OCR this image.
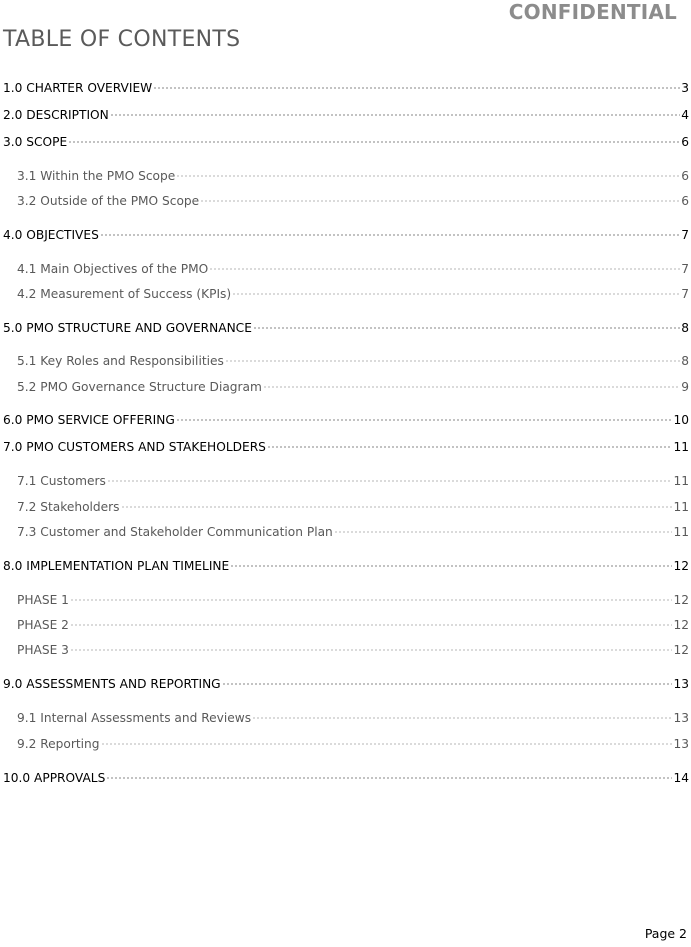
CONFIDENTIAL
TABLE OF CONTENTS
1.0 CHARTER OVERVIEW	3
2.0 DESCRIPTION	4
3.0 SCOPE	6
3.1 Within the PMO Scope	6
3.2 Outside of the PMO Scope	6
4.0 OBJECTIVES	7
4.1 Main Objectives of the PMO	7
4.2 Measurement of Success (KPIs)	7
5.0 PMO STRUCTURE AND GOVERNANCE	8
5.1 Key Roles and Responsibilities	8
5.2 PMO Governance Structure Diagram	9
6.0 PMO SERVICE OFFERING	10
7.0 PMO CUSTOMERS AND STAKEHOLDERS	11
7.1 Customers	11
7.2 Stakeholders	11
7.3 Customer and Stakeholder Communication Plan	11
8.0 IMPLEMENTATION PLAN TIMELINE	12
PHASE 1	12
PHASE 2	12
PHASE 3	12
9.0 ASSESSMENTS AND REPORTING	13
9.1 Internal Assessments and Reviews	13
9.2 Reporting	13
10.0 APPROVALS	14
Page 2
